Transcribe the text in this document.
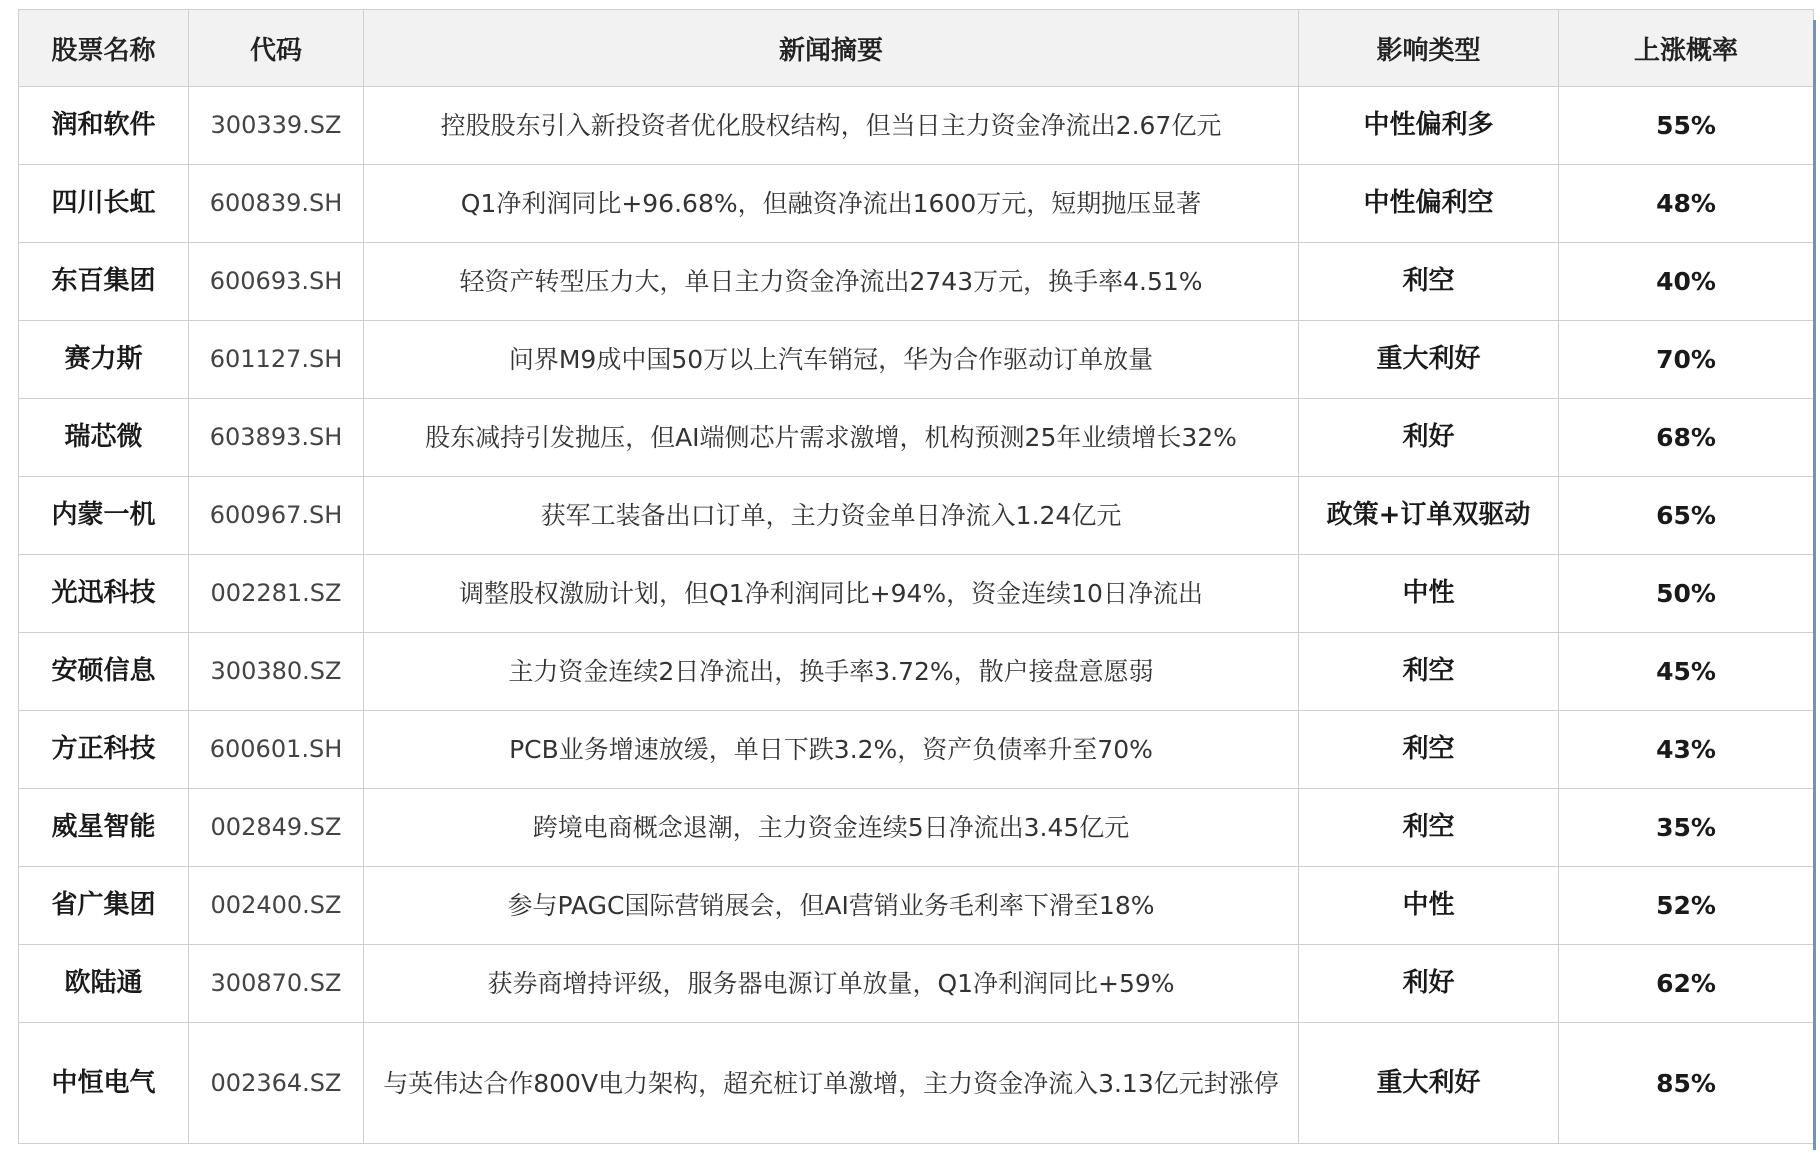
股票名称	代码	新闻摘要	影响类型	上涨概率
润和软件	300339.SZ	控股股东引入新投资者优化股权结构，但当日主力资金净流出2.67亿元	中性偏利多	55%
四川长虹	600839.SH	Q1净利润同比+96.68%，但融资净流出1600万元，短期抛压显著	中性偏利空	48%
东百集团	600693.SH	轻资产转型压力大，单日主力资金净流出2743万元，换手率4.51%	利空	40%
赛力斯	601127.SH	问界M9成中国50万以上汽车销冠，华为合作驱动订单放量	重大利好	70%
瑞芯微	603893.SH	股东减持引发抛压，但AI端侧芯片需求激增，机构预测25年业绩增长32%	利好	68%
内蒙一机	600967.SH	获军工装备出口订单，主力资金单日净流入1.24亿元	政策+订单双驱动	65%
光迅科技	002281.SZ	调整股权激励计划，但Q1净利润同比+94%，资金连续10日净流出	中性	50%
安硕信息	300380.SZ	主力资金连续2日净流出，换手率3.72%，散户接盘意愿弱	利空	45%
方正科技	600601.SH	PCB业务增速放缓，单日下跌3.2%，资产负债率升至70%	利空	43%
威星智能	002849.SZ	跨境电商概念退潮，主力资金连续5日净流出3.45亿元	利空	35%
省广集团	002400.SZ	参与PAGC国际营销展会，但AI营销业务毛利率下滑至18%	中性	52%
欧陆通	300870.SZ	获券商增持评级，服务器电源订单放量，Q1净利润同比+59%	利好	62%
中恒电气	002364.SZ	与英伟达合作800V电力架构，超充桩订单激增，主力资金净流入3.13亿元封涨停	重大利好	85%
